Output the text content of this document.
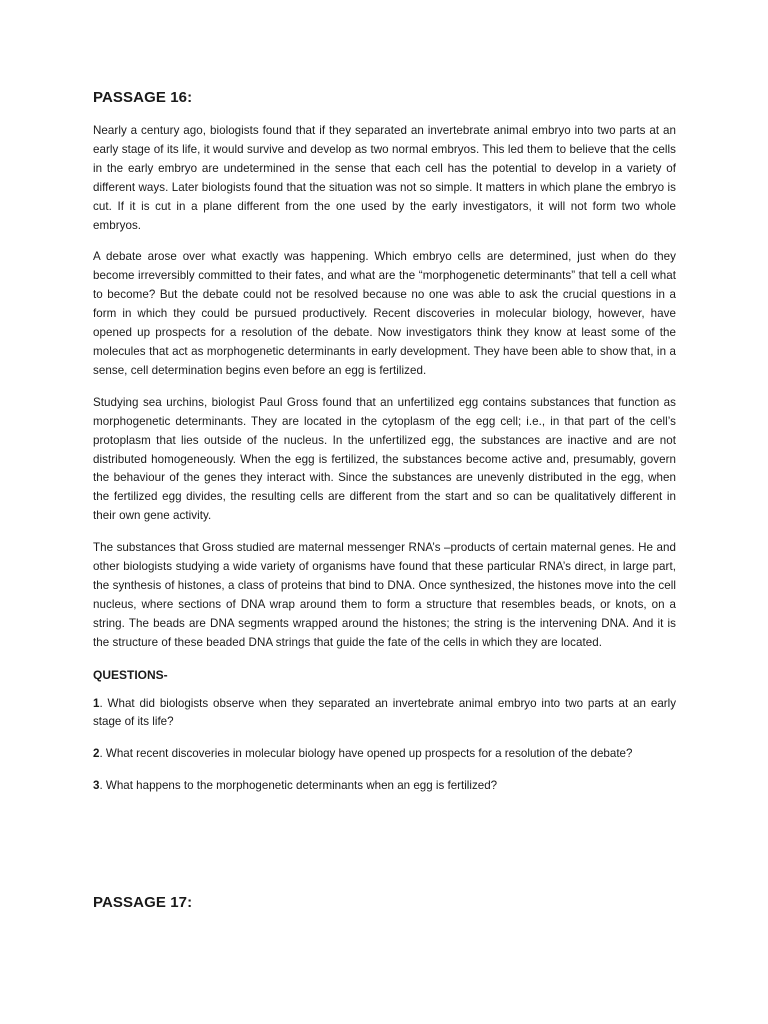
PASSAGE 16:

Nearly a century ago, biologists found that if they separated an invertebrate animal embryo into two parts at an early stage of its life, it would survive and develop as two normal embryos. This led them to believe that the cells in the early embryo are undetermined in the sense that each cell has the potential to develop in a variety of different ways. Later biologists found that the situation was not so simple. It matters in which plane the embryo is cut. If it is cut in a plane different from the one used by the early investigators, it will not form two whole embryos.

A debate arose over what exactly was happening. Which embryo cells are determined, just when do they become irreversibly committed to their fates, and what are the “morphogenetic determinants” that tell a cell what to become? But the debate could not be resolved because no one was able to ask the crucial questions in a form in which they could be pursued productively. Recent discoveries in molecular biology, however, have opened up prospects for a resolution of the debate. Now investigators think they know at least some of the molecules that act as morphogenetic determinants in early development. They have been able to show that, in a sense, cell determination begins even before an egg is fertilized.

Studying sea urchins, biologist Paul Gross found that an unfertilized egg contains substances that function as morphogenetic determinants. They are located in the cytoplasm of the egg cell; i.e., in that part of the cell’s protoplasm that lies outside of the nucleus. In the unfertilized egg, the substances are inactive and are not distributed homogeneously. When the egg is fertilized, the substances become active and, presumably, govern the behaviour of the genes they interact with. Since the substances are unevenly distributed in the egg, when the fertilized egg divides, the resulting cells are different from the start and so can be qualitatively different in their own gene activity.

The substances that Gross studied are maternal messenger RNA’s –products of certain maternal genes. He and other biologists studying a wide variety of organisms have found that these particular RNA’s direct, in large part, the synthesis of histones, a class of proteins that bind to DNA. Once synthesized, the histones move into the cell nucleus, where sections of DNA wrap around them to form a structure that resembles beads, or knots, on a string. The beads are DNA segments wrapped around the histones; the string is the intervening DNA. And it is the structure of these beaded DNA strings that guide the fate of the cells in which they are located.

QUESTIONS-

1. What did biologists observe when they separated an invertebrate animal embryo into two parts at an early stage of its life?

2. What recent discoveries in molecular biology have opened up prospects for a resolution of the debate?

3. What happens to the morphogenetic determinants when an egg is fertilized?

PASSAGE 17:
